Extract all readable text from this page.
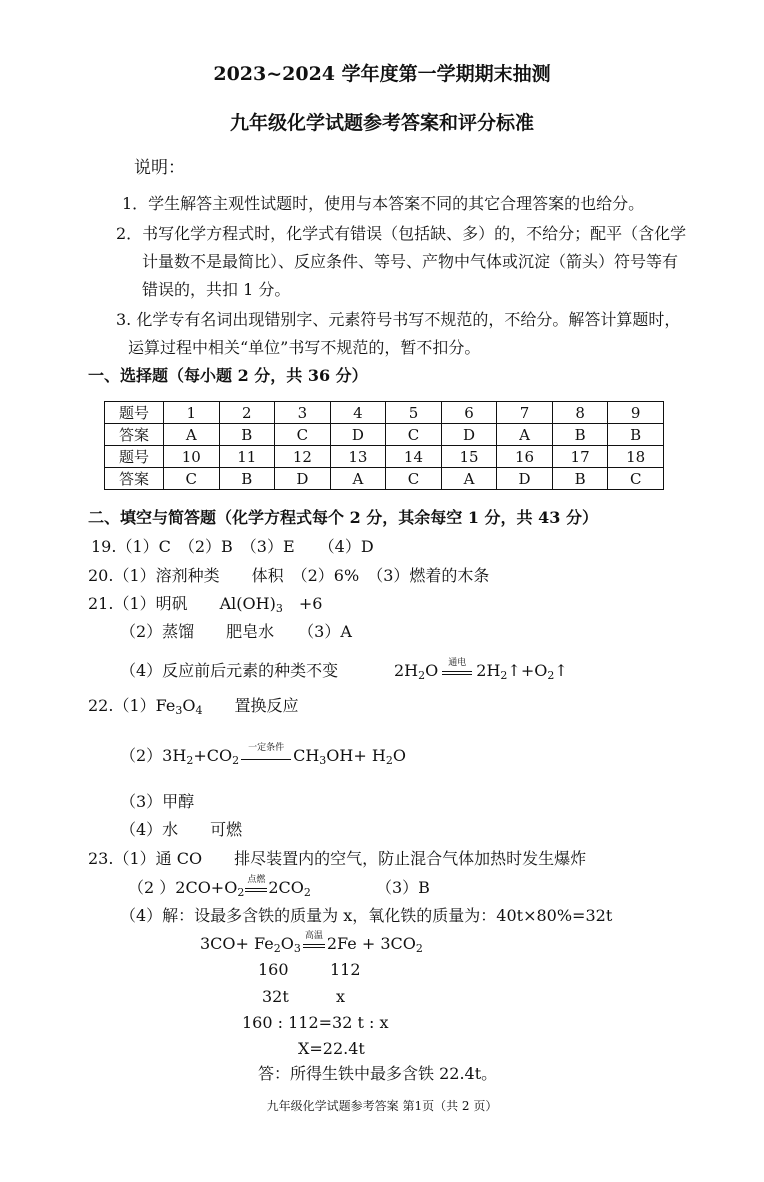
2023~2024 学年度第一学期期末抽测
九年级化学试题参考答案和评分标准
说明：
1．学生解答主观性试题时，使用与本答案不同的其它合理答案的也给分。
2．书写化学方程式时，化学式有错误（包括缺、多）的，不给分；配平（含化学
计量数不是最简比）、反应条件、等号、产物中气体或沉淀（箭头）符号等有
错误的，共扣 1 分。
3. 化学专有名词出现错别字、元素符号书写不规范的，不给分。解答计算题时，
运算过程中相关“单位”书写不规范的，暂不扣分。
一、选择题（每小题 2 分，共 36 分）
题号	1	2	3	4	5	6	7	8	9
答案	A	B	C	D	C	D	A	B	B
题号	10	11	12	13	14	15	16	17	18
答案	C	B	D	A	C	A	D	B	C
二、填空与简答题（化学方程式每个 2 分，其余每空 1 分，共 43 分）
19.（1）C　（2）B　（3）E　　（4）D
20.（1）溶剂种类　　体积　（2）6%　（3）燃着的木条
21.（1）明矾　　$Al(OH)_3$　+6
（2）蒸馏　　肥皂水　　（3）A
（4）反应前后元素的种类不变	$2H_2O$	通电 $2H_2↑+O_2↑$
$22.(1)Fe_3O_4$　　置换反应
$(2)3H_2+CO_2$
一定条件 $CH_3OH+ H_2O$
（3）甲醇
（4）水　　可燃
23.（1）通 CO　　排尽装置内的空气，防止混合气体加热时发生爆炸
（2 ）$2CO+O_2$
点燃 $2CO_2$	（3）B
（4）解：设最多含铁的质量为 x，氧化铁的质量为：40t×80%=32t
$3CO+ Fe_2O_3$
高温 $2Fe + 3CO_2$
160	112
32t	x
160 : 112=32 t : x
X=22.4t
答：所得生铁中最多含铁 22.4t。
九年级化学试题参考答案 第1页（共 2 页）
